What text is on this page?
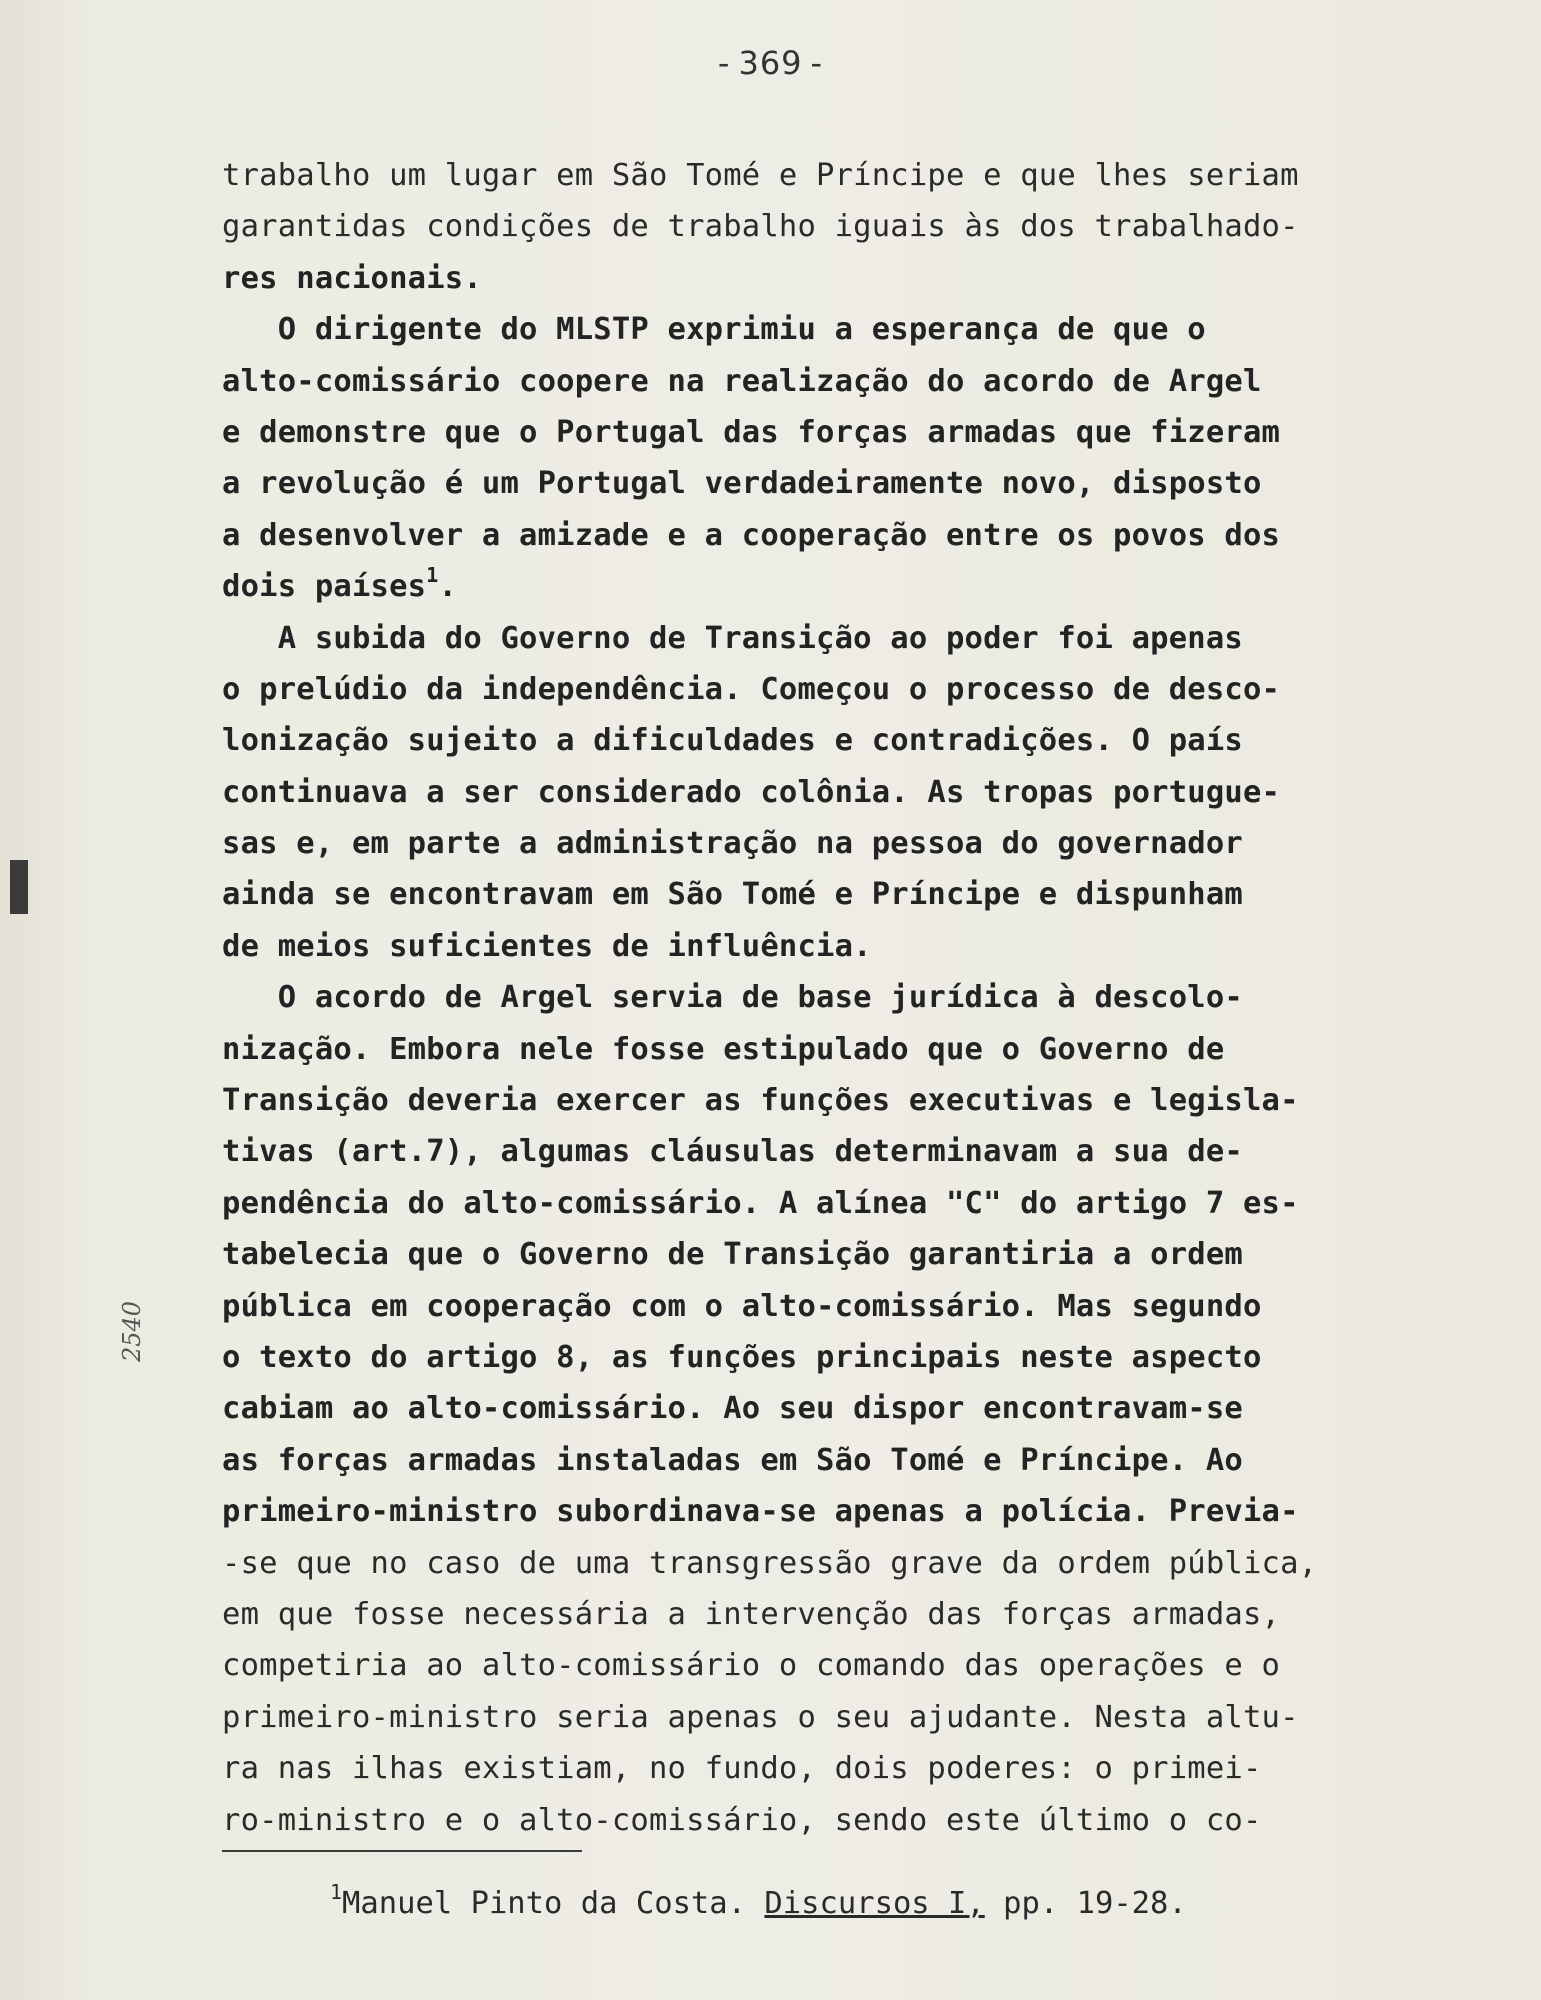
- 369 -
2540
trabalho um lugar em São Tomé e Príncipe e que lhes seriam
garantidas condições de trabalho iguais às dos trabalhado-
res nacionais.
O dirigente do MLSTP exprimiu a esperança de que o
alto-comissário coopere na realização do acordo de Argel
e demonstre que o Portugal das forças armadas que fizeram
a revolução é um Portugal verdadeiramente novo, disposto
a desenvolver a amizade e a cooperação entre os povos dos
dois países$^1$.
A subida do Governo de Transição ao poder foi apenas
o prelúdio da independência. Começou o processo de desco-
lonização sujeito a dificuldades e contradições. O país
continuava a ser considerado colônia. As tropas portugue-
sas e, em parte a administração na pessoa do governador
ainda se encontravam em São Tomé e Príncipe e dispunham
de meios suficientes de influência.
O acordo de Argel servia de base jurídica à descolo-
nização. Embora nele fosse estipulado que o Governo de
Transição deveria exercer as funções executivas e legisla-
tivas (art.7), algumas cláusulas determinavam a sua de-
pendência do alto-comissário. A alínea "C" do artigo 7 es-
tabelecia que o Governo de Transição garantiria a ordem
pública em cooperação com o alto-comissário. Mas segundo
o texto do artigo 8, as funções principais neste aspecto
cabiam ao alto-comissário. Ao seu dispor encontravam-se
as forças armadas instaladas em São Tomé e Príncipe. Ao
primeiro-ministro subordinava-se apenas a polícia. Previa-
-se que no caso de uma transgressão grave da ordem pública,
em que fosse necessária a intervenção das forças armadas,
competiria ao alto-comissário o comando das operações e o
primeiro-ministro seria apenas o seu ajudante. Nesta altu-
ra nas ilhas existiam, no fundo, dois poderes: o primei-
ro-ministro e o alto-comissário, sendo este último o co-
$^1$Manuel Pinto da Costa. Discursos I, pp. 19-28.
